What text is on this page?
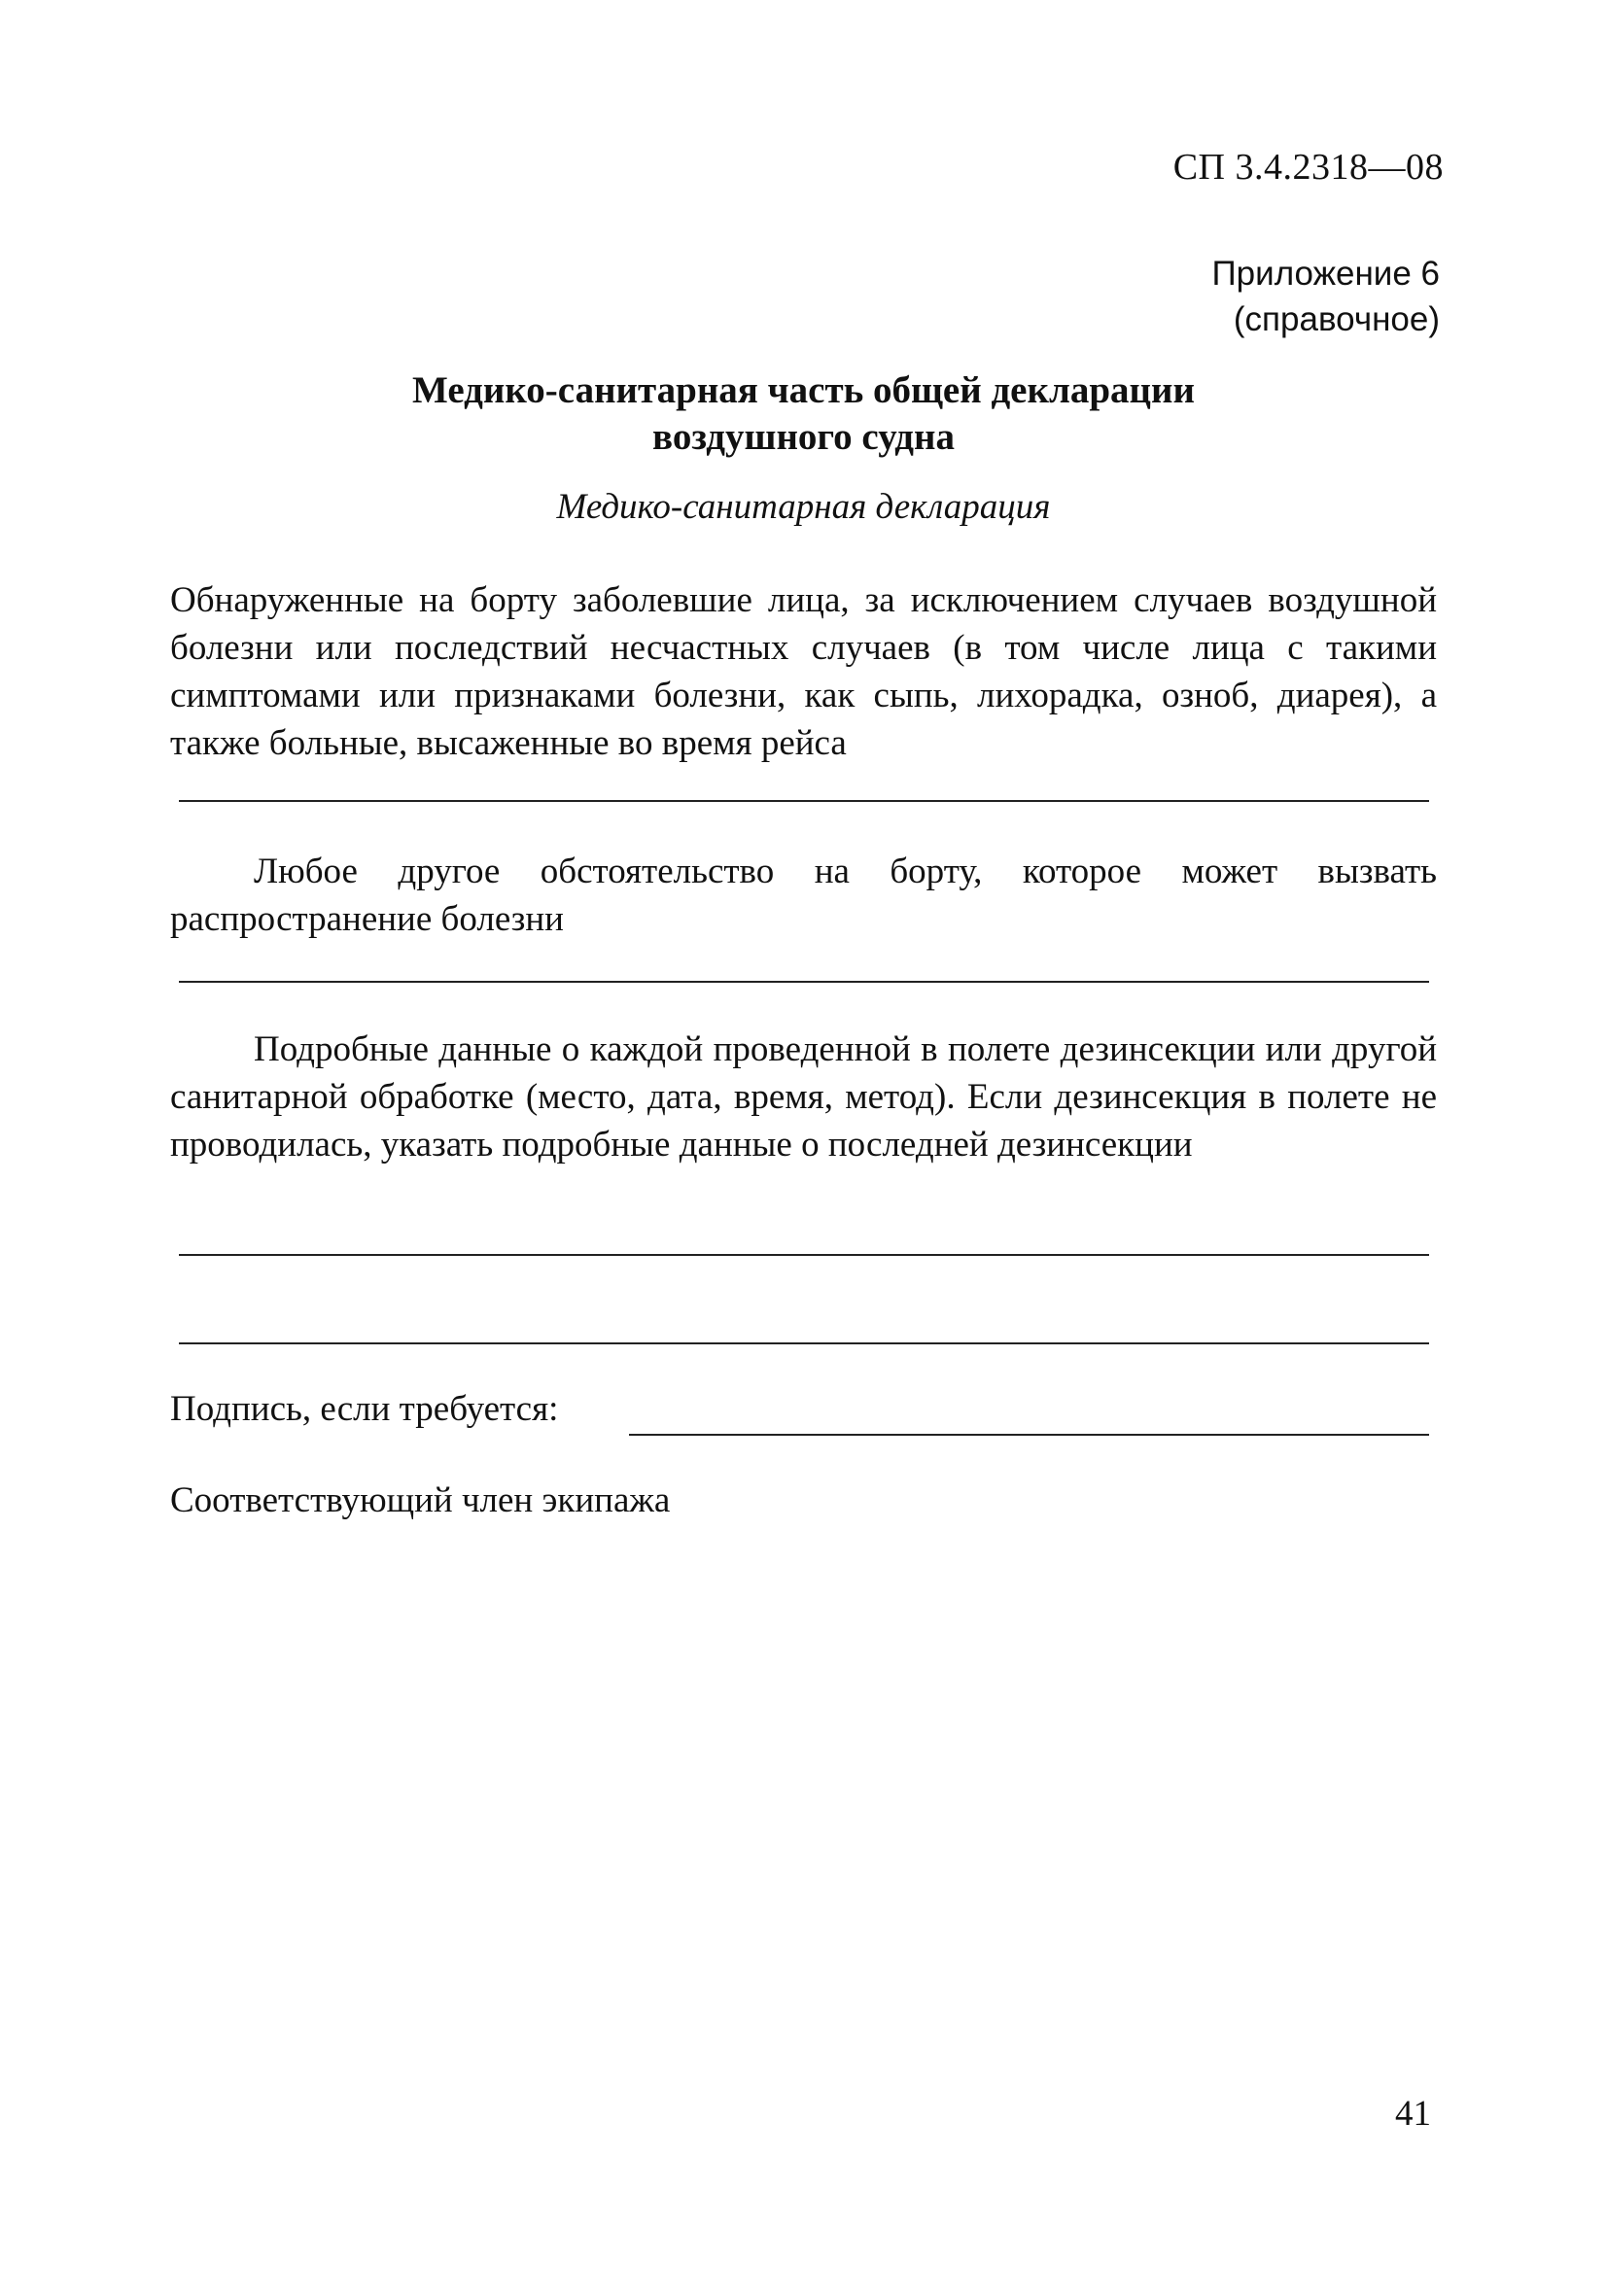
СП 3.4.2318—08
Приложение 6
(справочное)
Медико-санитарная часть общей декларации
воздушного судна
Медико-санитарная декларация
Обнаруженные на борту заболевшие лица, за исключением случаев воздушной болезни или последствий несчастных случаев (в том числе лица с такими симптомами или признаками болезни, как сыпь, лихорадка, озноб, диарея), а также больные, высаженные во время рейса
Любое другое обстоятельство на борту, которое может вызвать распространение болезни
Подробные данные о каждой проведенной в полете дезинсекции или другой санитарной обработке (место, дата, время, метод). Если дезинсекция в полете не проводилась, указать подробные данные о последней дезинсекции
Подпись, если требуется:
Соответствующий член экипажа
41
